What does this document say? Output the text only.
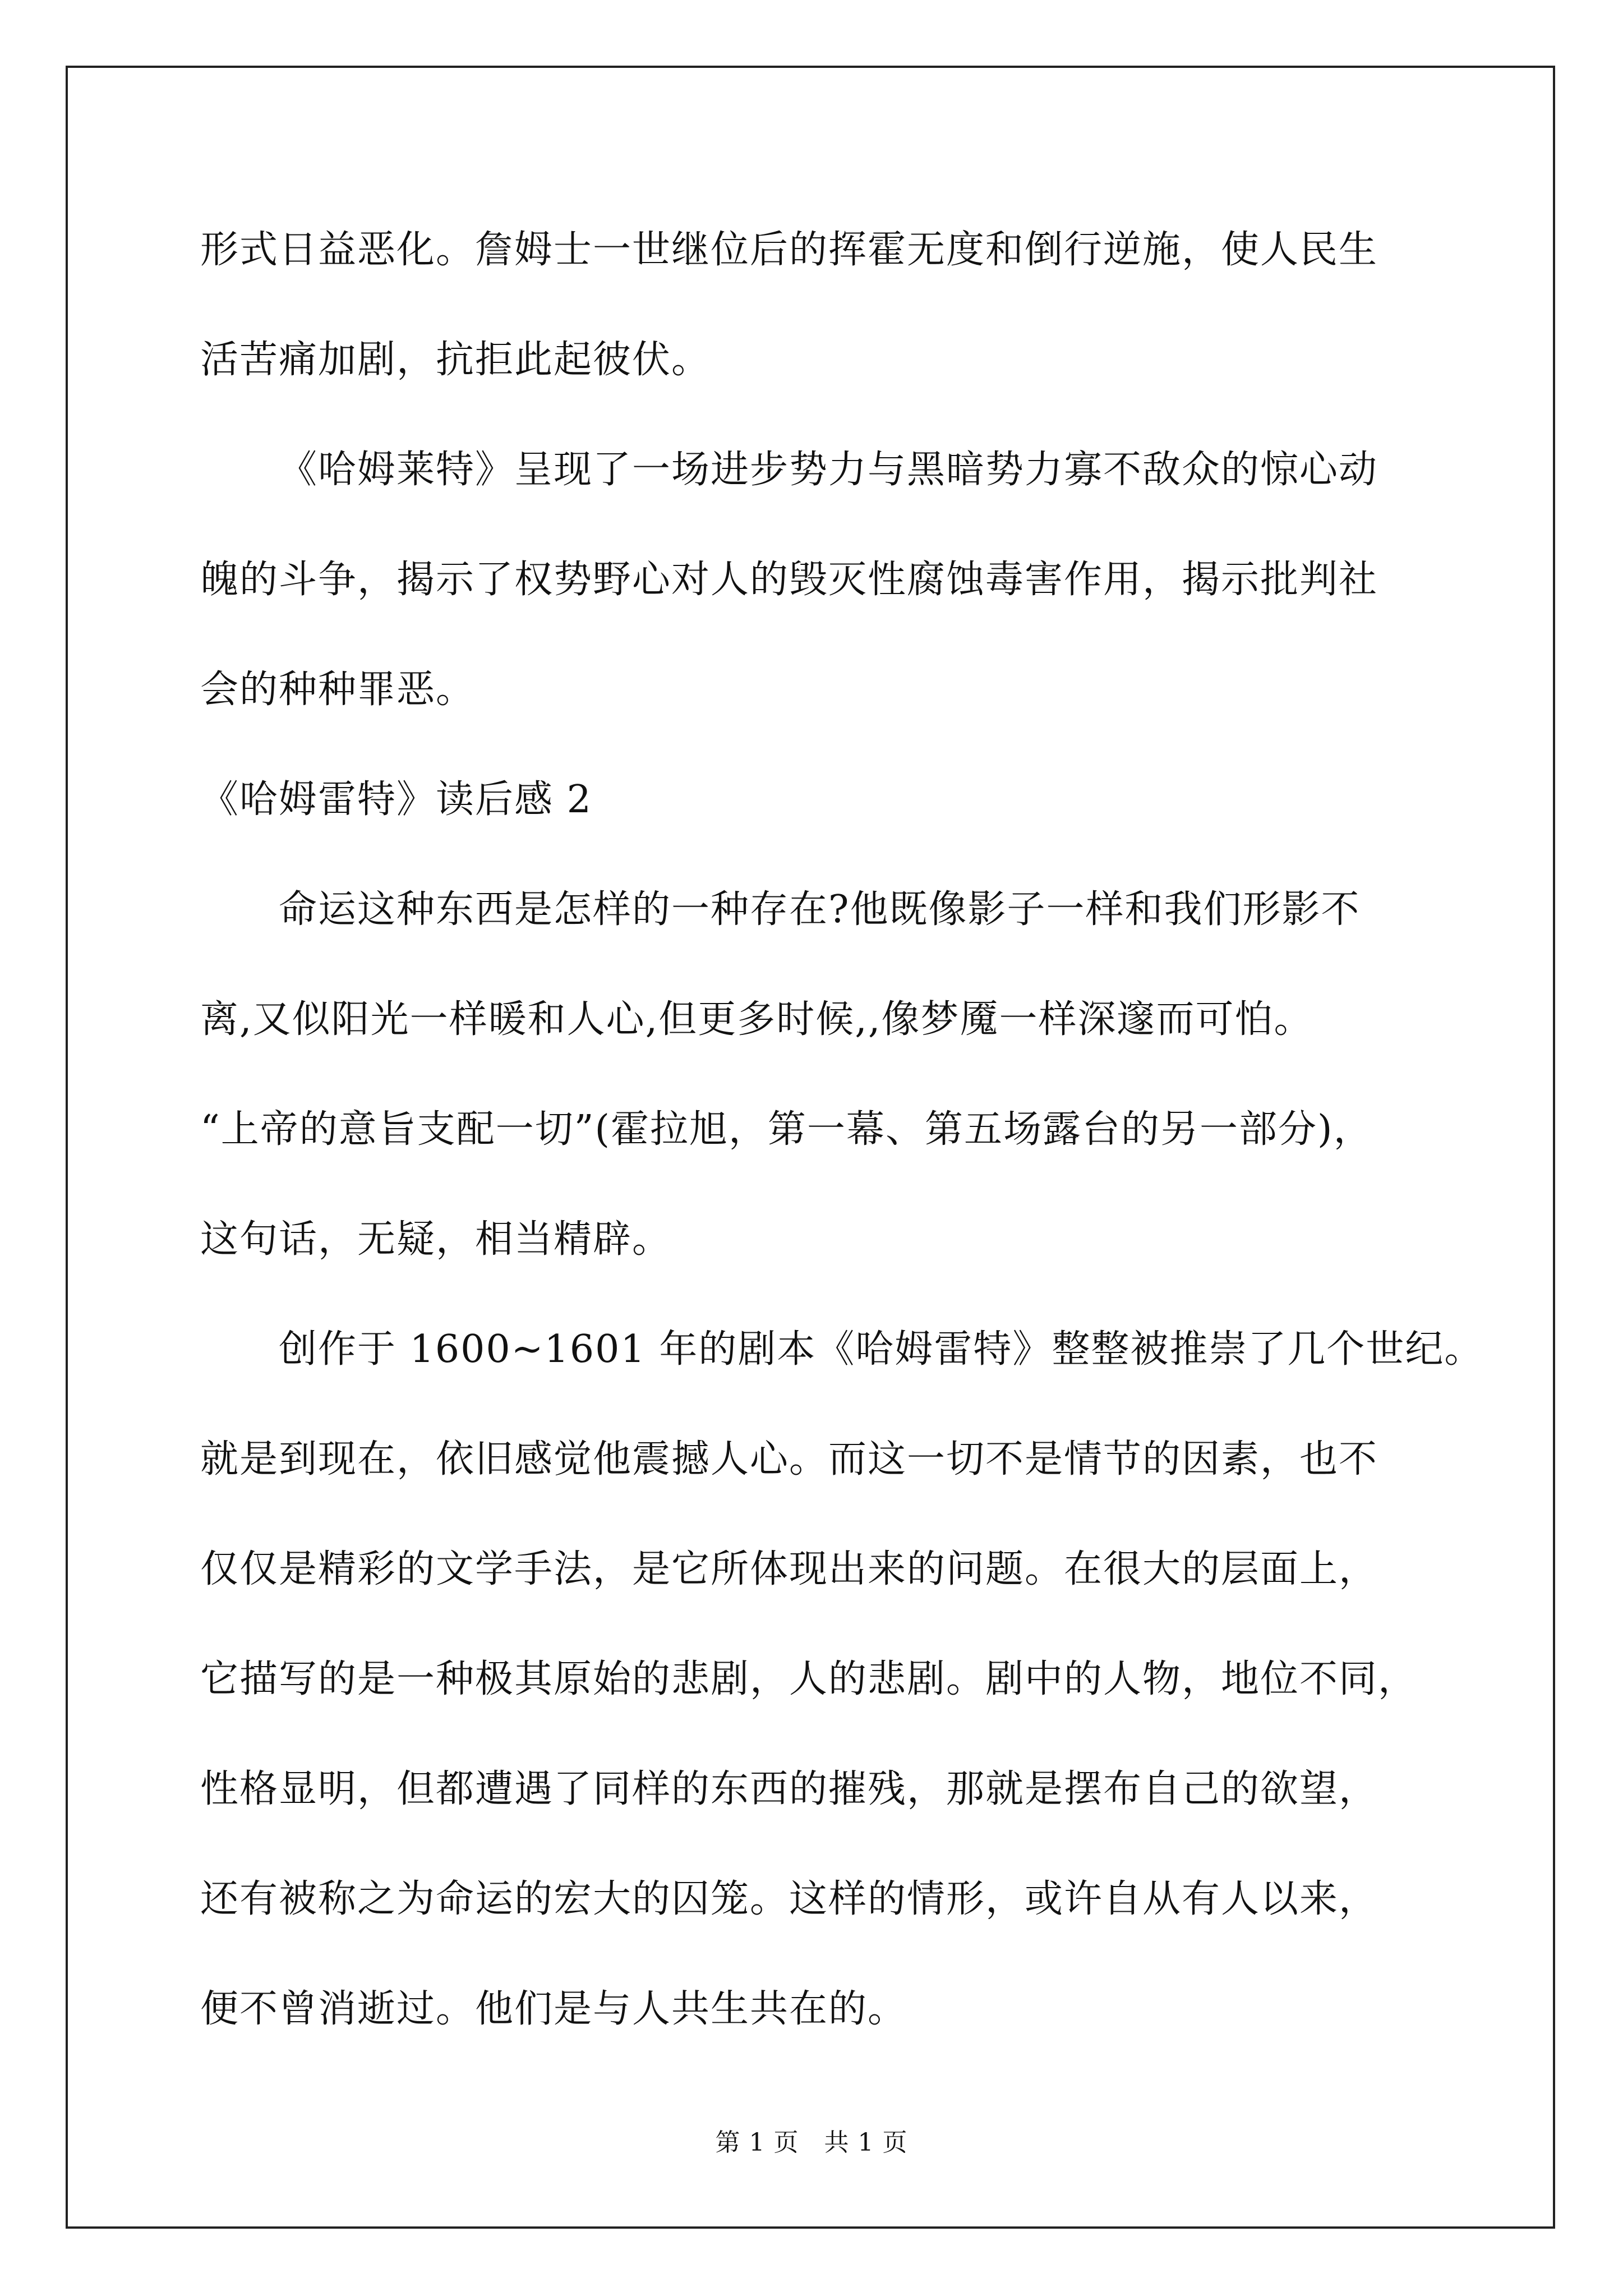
形式日益恶化。詹姆士一世继位后的挥霍无度和倒行逆施，使人民生
活苦痛加剧，抗拒此起彼伏。
《哈姆莱特》呈现了一场进步势力与黑暗势力寡不敌众的惊心动
魄的斗争，揭示了权势野心对人的毁灭性腐蚀毒害作用，揭示批判社
会的种种罪恶。
《哈姆雷特》读后感 2
命运这种东西是怎样的一种存在?他既像影子一样和我们形影不
离,又似阳光一样暖和人心,但更多时候,,像梦魇一样深邃而可怕。
“上帝的意旨支配一切”(霍拉旭，第一幕、第五场露台的另一部分)，
这句话，无疑，相当精辟。
创作于 1600~1601 年的剧本《哈姆雷特》整整被推崇了几个世纪。
就是到现在，依旧感觉他震撼人心。而这一切不是情节的因素，也不
仅仅是精彩的文学手法，是它所体现出来的问题。在很大的层面上，
它描写的是一种极其原始的悲剧，人的悲剧。剧中的人物，地位不同，
性格显明，但都遭遇了同样的东西的摧残，那就是摆布自己的欲望，
还有被称之为命运的宏大的囚笼。这样的情形，或许自从有人以来，
便不曾消逝过。他们是与人共生共在的。
第 1 页　共 1 页
